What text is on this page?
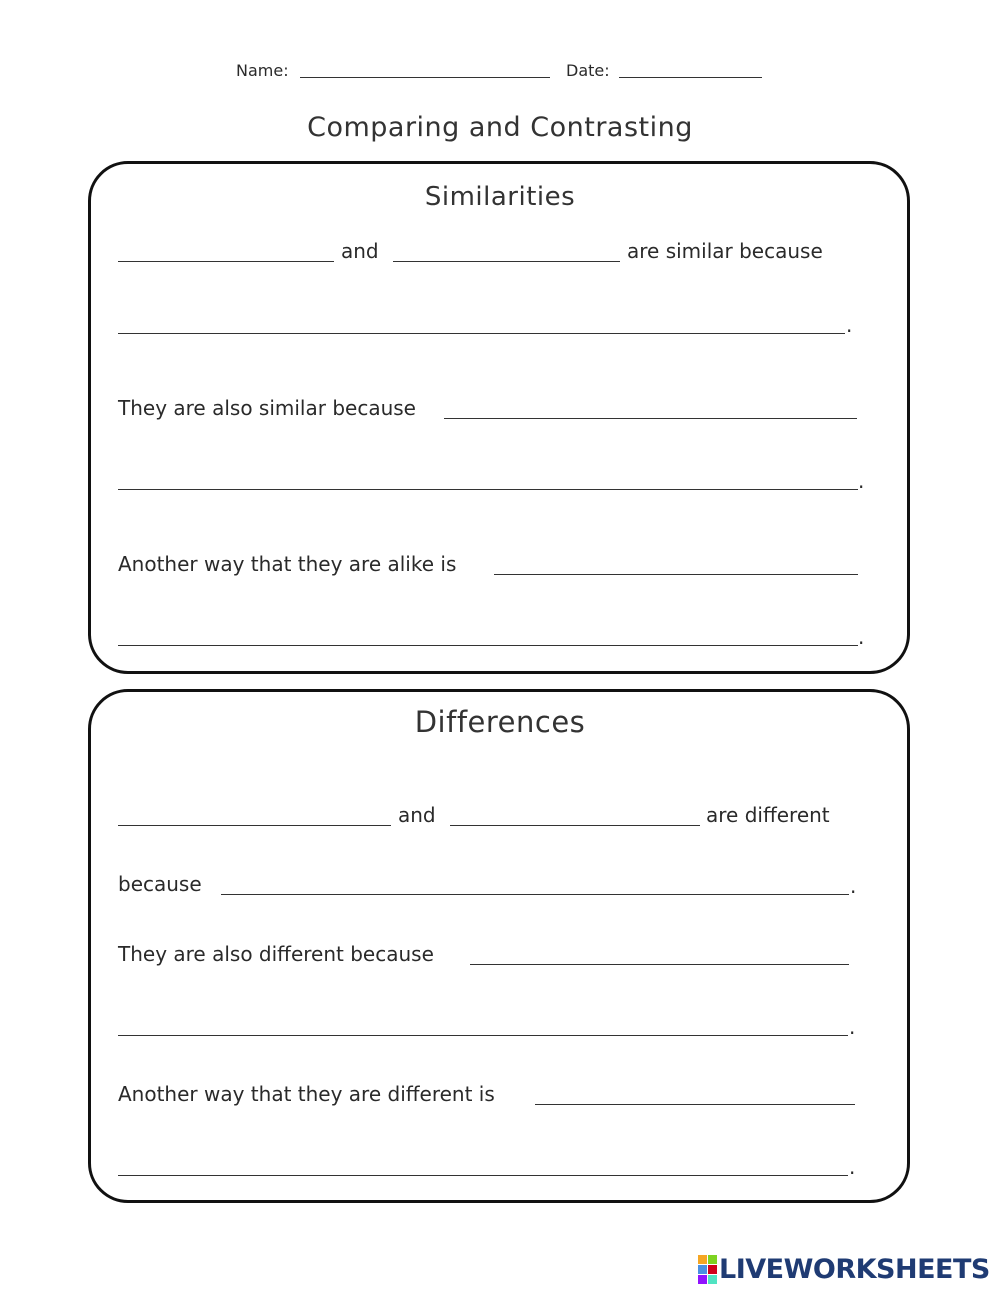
Name:	Date:
Comparing and Contrasting
Similarities
and	are similar because
.
They are also similar because
.
Another way that they are alike is
.
Differences
and	are different
because	.
They are also different because
.
Another way that they are different is
.
LIVEWORKSHEETS
